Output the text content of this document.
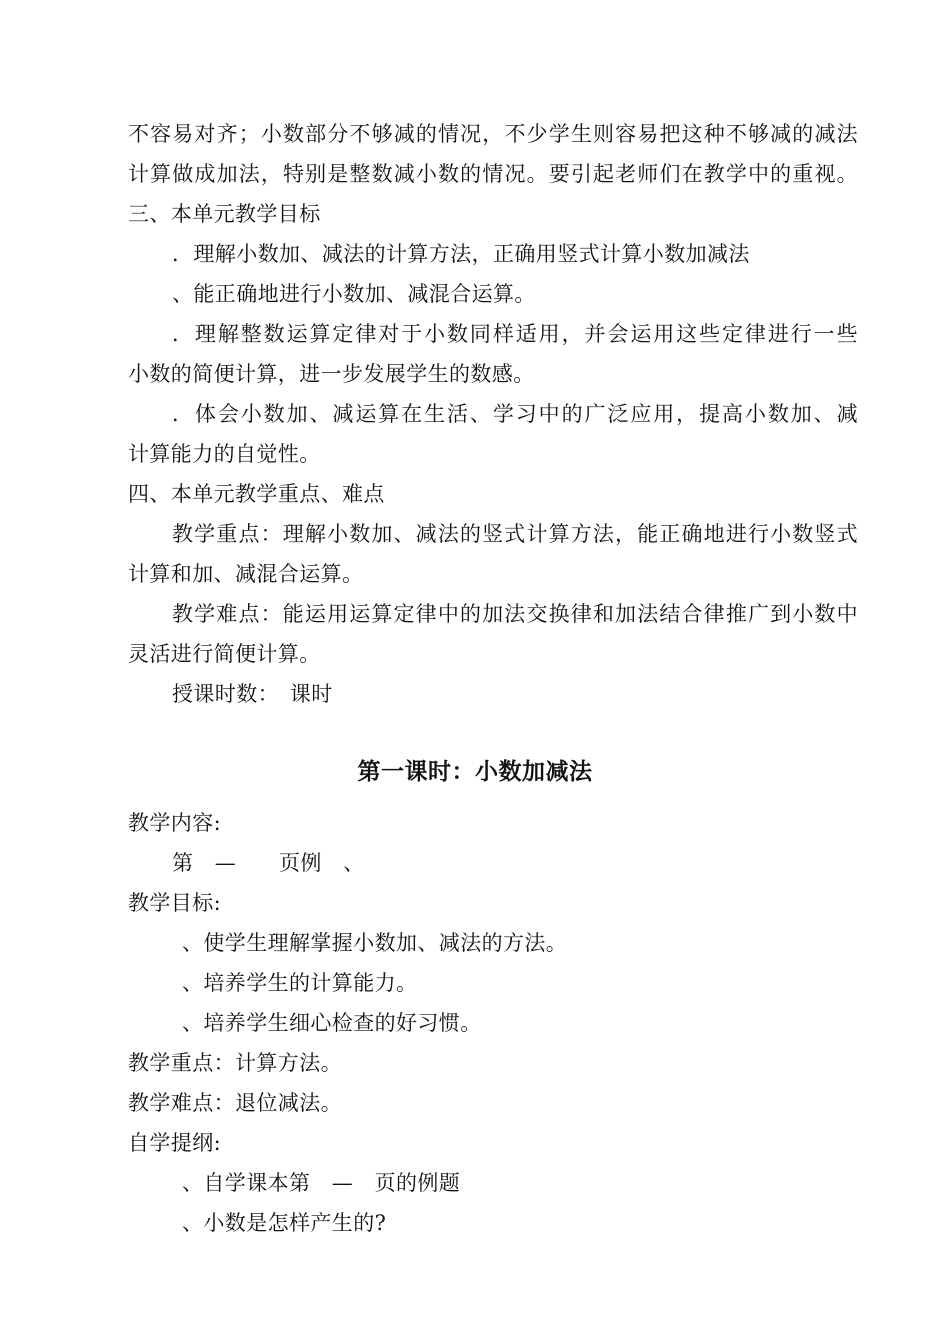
不容易对齐；小数部分不够减的情况，不少学生则容易把这种不够减的减法
计算做成加法，特别是整数减小数的情况。要引起老师们在教学中的重视。
三、本单元教学目标
．理解小数加、减法的计算方法，正确用竖式计算小数加减法
、能正确地进行小数加、减混合运算。
．理解整数运算定律对于小数同样适用，并会运用这些定律进行一些
小数的简便计算，进一步发展学生的数感。
．体会小数加、减运算在生活、学习中的广泛应用，提高小数加、减
计算能力的自觉性。
四、本单元教学重点、难点
教学重点：理解小数加、减法的竖式计算方法，能正确地进行小数竖式
计算和加、减混合运算。
教学难点：能运用运算定律中的加法交换律和加法结合律推广到小数中
灵活进行简便计算。
授课时数：　课时
第一课时：小数加减法
教学内容:
第　—　　页例　、
教学目标:
、使学生理解掌握小数加、减法的方法。
、培养学生的计算能力。
、培养学生细心检查的好习惯。
教学重点：计算方法。
教学难点：退位减法。
自学提纲:
、自学课本第　—　页的例题
、小数是怎样产生的?
